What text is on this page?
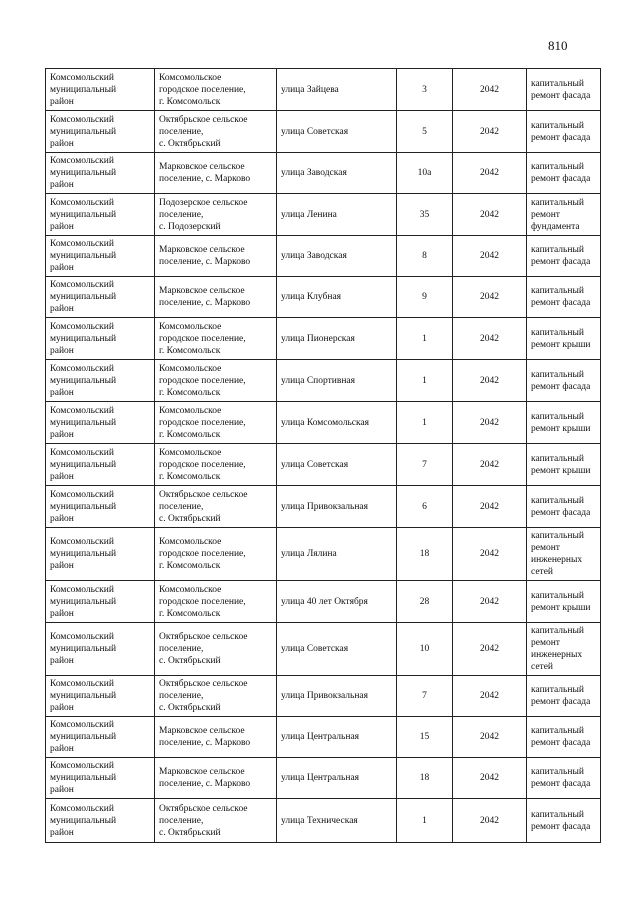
810
Комсомольский
муниципальный
район	Комсомольское
городское поселение,
г. Комсомольск	улица Зайцева	3	2042	капитальный
ремонт фасада
Комсомольский
муниципальный
район	Октябрьское сельское
поселение,
с. Октябрьский	улица Советская	5	2042	капитальный
ремонт фасада
Комсомольский
муниципальный
район	Марковское сельское
поселение, с. Марково	улица Заводская	10а	2042	капитальный
ремонт фасада
Комсомольский
муниципальный
район	Подозерское сельское
поселение,
с. Подозерский	улица Ленина	35	2042	капитальный
ремонт
фундамента
Комсомольский
муниципальный
район	Марковское сельское
поселение, с. Марково	улица Заводская	8	2042	капитальный
ремонт фасада
Комсомольский
муниципальный
район	Марковское сельское
поселение, с. Марково	улица Клубная	9	2042	капитальный
ремонт фасада
Комсомольский
муниципальный
район	Комсомольское
городское поселение,
г. Комсомольск	улица Пионерская	1	2042	капитальный
ремонт крыши
Комсомольский
муниципальный
район	Комсомольское
городское поселение,
г. Комсомольск	улица Спортивная	1	2042	капитальный
ремонт фасада
Комсомольский
муниципальный
район	Комсомольское
городское поселение,
г. Комсомольск	улица Комсомольская	1	2042	капитальный
ремонт крыши
Комсомольский
муниципальный
район	Комсомольское
городское поселение,
г. Комсомольск	улица Советская	7	2042	капитальный
ремонт крыши
Комсомольский
муниципальный
район	Октябрьское сельское
поселение,
с. Октябрьский	улица Привокзальная	6	2042	капитальный
ремонт фасада
Комсомольский
муниципальный
район	Комсомольское
городское поселение,
г. Комсомольск	улица Лялина	18	2042	капитальный
ремонт
инженерных
сетей
Комсомольский
муниципальный
район	Комсомольское
городское поселение,
г. Комсомольск	улица 40 лет Октября	28	2042	капитальный
ремонт крыши
Комсомольский
муниципальный
район	Октябрьское сельское
поселение,
с. Октябрьский	улица Советская	10	2042	капитальный
ремонт
инженерных
сетей
Комсомольский
муниципальный
район	Октябрьское сельское
поселение,
с. Октябрьский	улица Привокзальная	7	2042	капитальный
ремонт фасада
Комсомольский
муниципальный
район	Марковское сельское
поселение, с. Марково	улица Центральная	15	2042	капитальный
ремонт фасада
Комсомольский
муниципальный
район	Марковское сельское
поселение, с. Марково	улица Центральная	18	2042	капитальный
ремонт фасада
Комсомольский
муниципальный
район	Октябрьское сельское
поселение,
с. Октябрьский	улица Техническая	1	2042	капитальный
ремонт фасада
